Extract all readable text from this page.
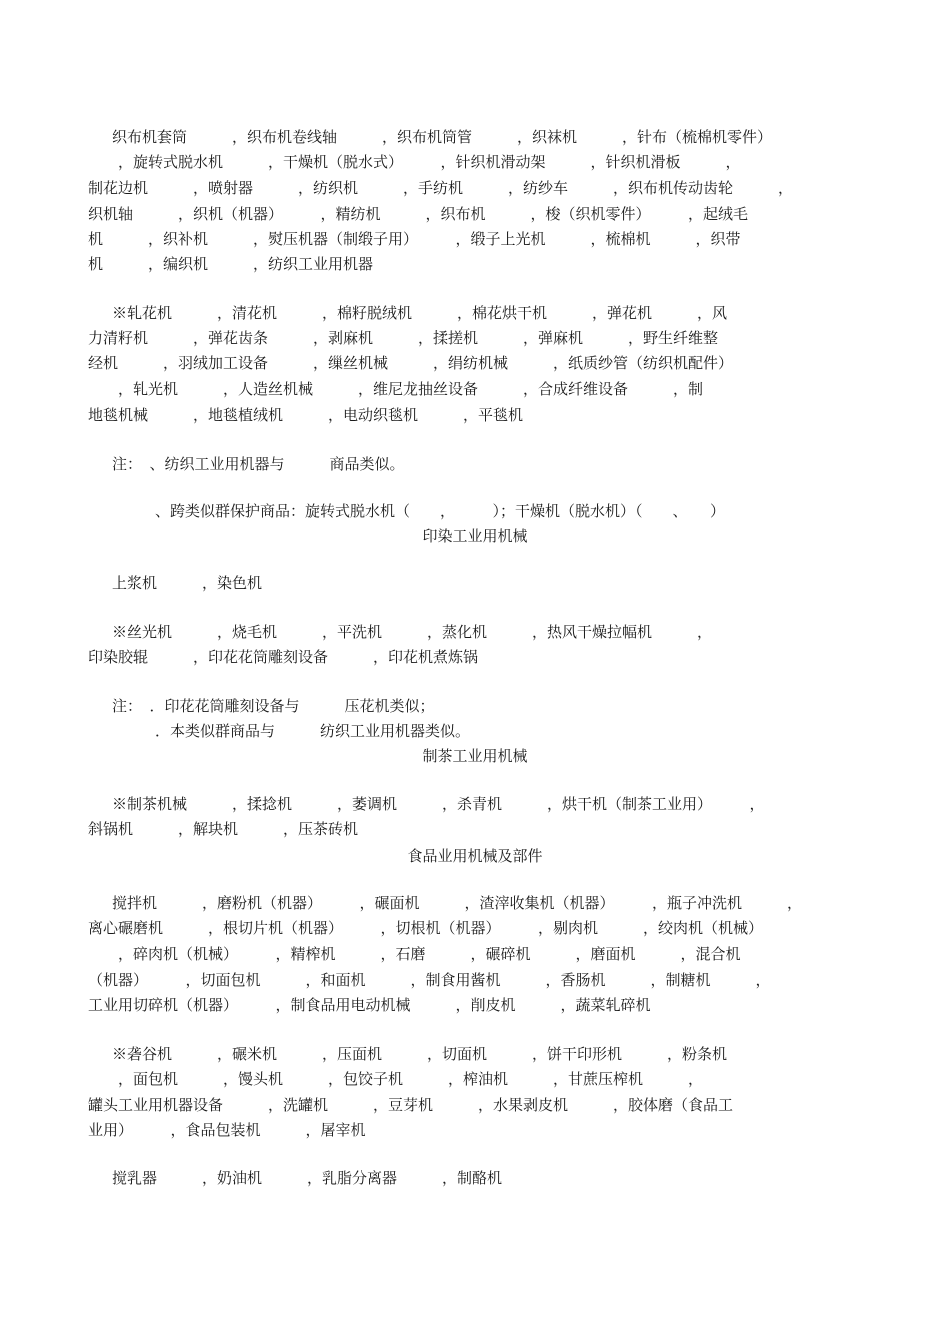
织布机套筒　　　，织布机卷线轴　　　，织布机筒管　　　，织袜机　　　，针布（梳棉机零件）
　　，旋转式脱水机　　　，干燥机（脱水式）　　　，针织机滑动架　　　，针织机滑板　　　，
制花边机　　　，喷射器　　　，纺织机　　　，手纺机　　　，纺纱车　　　，织布机传动齿轮　　　，
织机轴　　　，织机（机器）　　　，精纺机　　　，织布机　　　，梭（织机零件）　　　，起绒毛
机　　　，织补机　　　，熨压机器（制缎子用）　　　，缎子上光机　　　，梳棉机　　　，织带
机　　　，编织机　　　，纺织工业用机器
※轧花机　　　，清花机　　　，棉籽脱绒机　　　，棉花烘干机　　　，弹花机　　　，风
力清籽机　　　，弹花齿条　　　，剥麻机　　　，揉搓机　　　，弹麻机　　　，野生纤维整
经机　　　，羽绒加工设备　　　，缫丝机械　　　，绢纺机械　　　，纸质纱管（纺织机配件）
　　，轧光机　　　，人造丝机械　　　，维尼龙抽丝设备　　　，合成纤维设备　　　，制
地毯机械　　　，地毯植绒机　　　，电动织毯机　　　，平毯机
注：　、纺织工业用机器与　　　商品类似。
、跨类似群保护商品：旋转式脱水机（　　，　　　）；干燥机（脱水机）（　　、　　）
印染工业用机械
上浆机　　　，染色机
※丝光机　　　，烧毛机　　　，平洗机　　　，蒸化机　　　，热风干燥拉幅机　　　，
印染胶辊　　　，印花花筒雕刻设备　　　，印花机煮炼锅
注：　．印花花筒雕刻设备与　　　压花机类似；
．本类似群商品与　　　纺织工业用机器类似。
制茶工业用机械
※制茶机械　　　，揉捻机　　　，萎调机　　　，杀青机　　　，烘干机（制茶工业用）　　　，
斜锅机　　　，解块机　　　，压茶砖机
食品业用机械及部件
搅拌机　　　，磨粉机（机器）　　　，碾面机　　　，渣滓收集机（机器）　　　，瓶子冲洗机　　　，
离心碾磨机　　　，根切片机（机器）　　　，切根机（机器）　　　，剔肉机　　　，绞肉机（机械）
　　，碎肉机（机械）　　　，精榨机　　　，石磨　　　，碾碎机　　　，磨面机　　　，混合机
（机器）　　　，切面包机　　　，和面机　　　，制食用酱机　　　，香肠机　　　，制糖机　　　，
工业用切碎机（机器）　　　，制食品用电动机械　　　，削皮机　　　，蔬菜轧碎机
※砻谷机　　　，碾米机　　　，压面机　　　，切面机　　　，饼干印形机　　　，粉条机
　　，面包机　　　，馒头机　　　，包饺子机　　　，榨油机　　　，甘蔗压榨机　　　，
罐头工业用机器设备　　　，洗罐机　　　，豆芽机　　　，水果剥皮机　　　，胶体磨（食品工
业用）　　　，食品包装机　　　，屠宰机
搅乳器　　　，奶油机　　　，乳脂分离器　　　，制酪机
